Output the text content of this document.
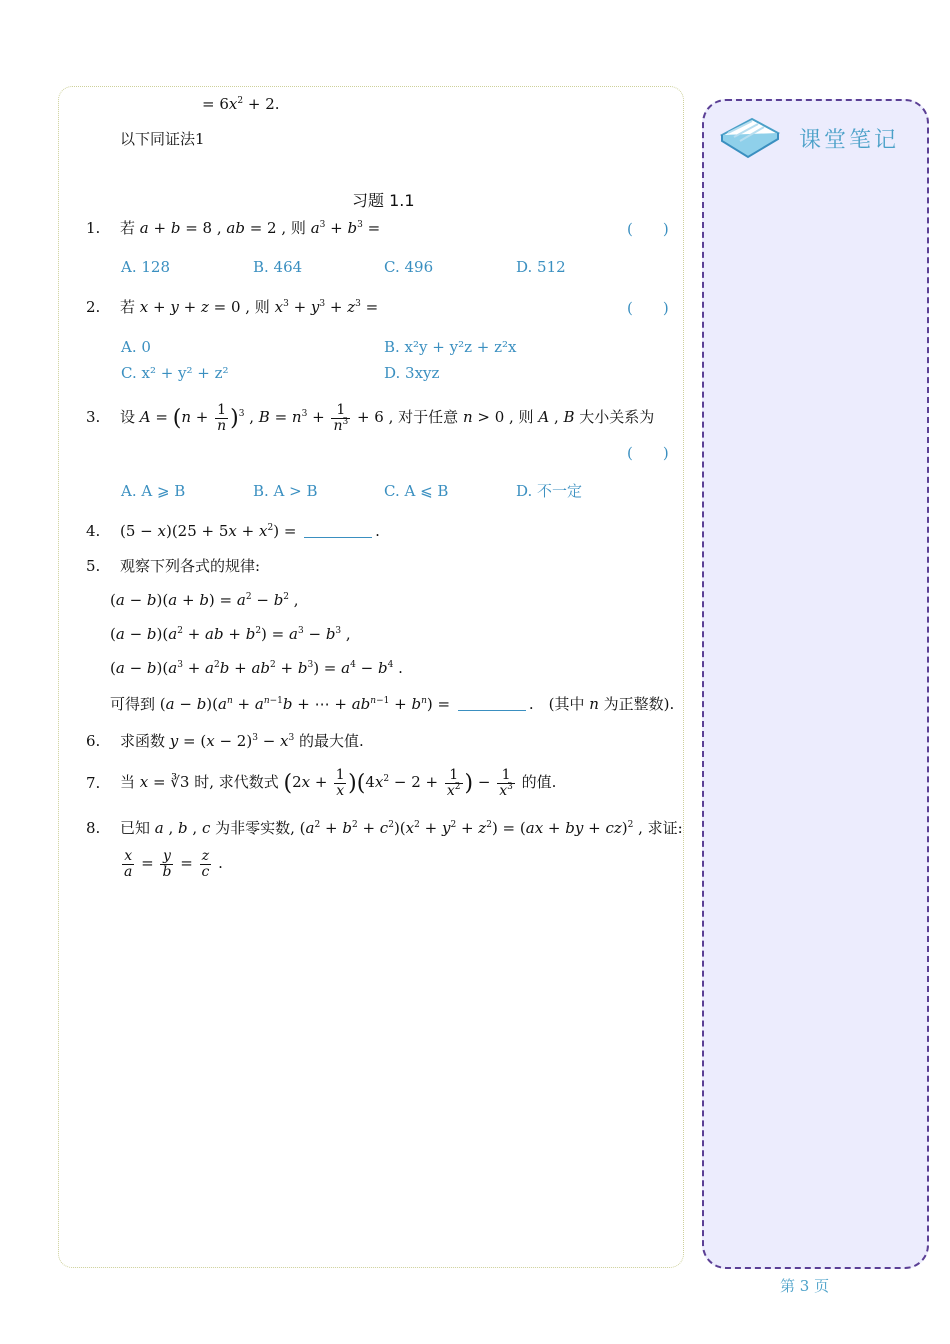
= $6x^2 + 2$.
以下同证法1
习题 1.1
1. 若 a + b = 8 , ab = 2 , 则 $a^3 + b^3$ =	(　　)
A. 128	B. 464	C. 496	D. 512
2. 若 x + y + z = 0 , 则 $x^3 + y^3 + z^3$ =	(　　)
A. 0	B. x²y + y²z + z²x
C. x² + y² + z²	D. 3xyz
3. 设 $A = (n + \frac{1}{n} )^3$ , $B = n^3 + \frac{1}{n^3} + 6$ , 对于任意 n > 0 , 则 A , B 大小关系为
(　　)
A. A ⩾ B	B. A > B	C. A ⩽ B	D. 不一定
4. $(5 - x)(25 + 5x + x^2)$ =	.
5. 观察下列各式的规律:
$(a - b)(a + b) = a^2 - b^2$ ,
$(a - b)(a^2$ + ab + $b^2) = a^3 - b^3$ ,
$(a - b)(a^3 + a^2b + ab^2 + b^3) = a^4 - b^4$ .
可得到 $(a - b)(a^n + a^{n-1}b$ + ⋯ + $ab^{n-1} + b^n$) =	.　(其中 n 为正整数).
6. 求函数 $y = (x - 2)^3 - x^3$ 的最大值.
7. 当 x = ∛3 时, 求代数式 $(2x + \frac{1}{x} )(4x^2 - 2 + \frac{1}{x^2}$ ) − $\frac{1}{x^3}$ 的值.
8. 已知 a , b , c 为非零实数, $(a^2 + b^2 + c^2)(x^2 + y^2 + z^2) = (ax$ + by + cz)$^2$ , 求证:
$\frac{x}{a} = \frac{y}{b} = \frac{z}{c}$ .
课堂笔记
第 3 页
